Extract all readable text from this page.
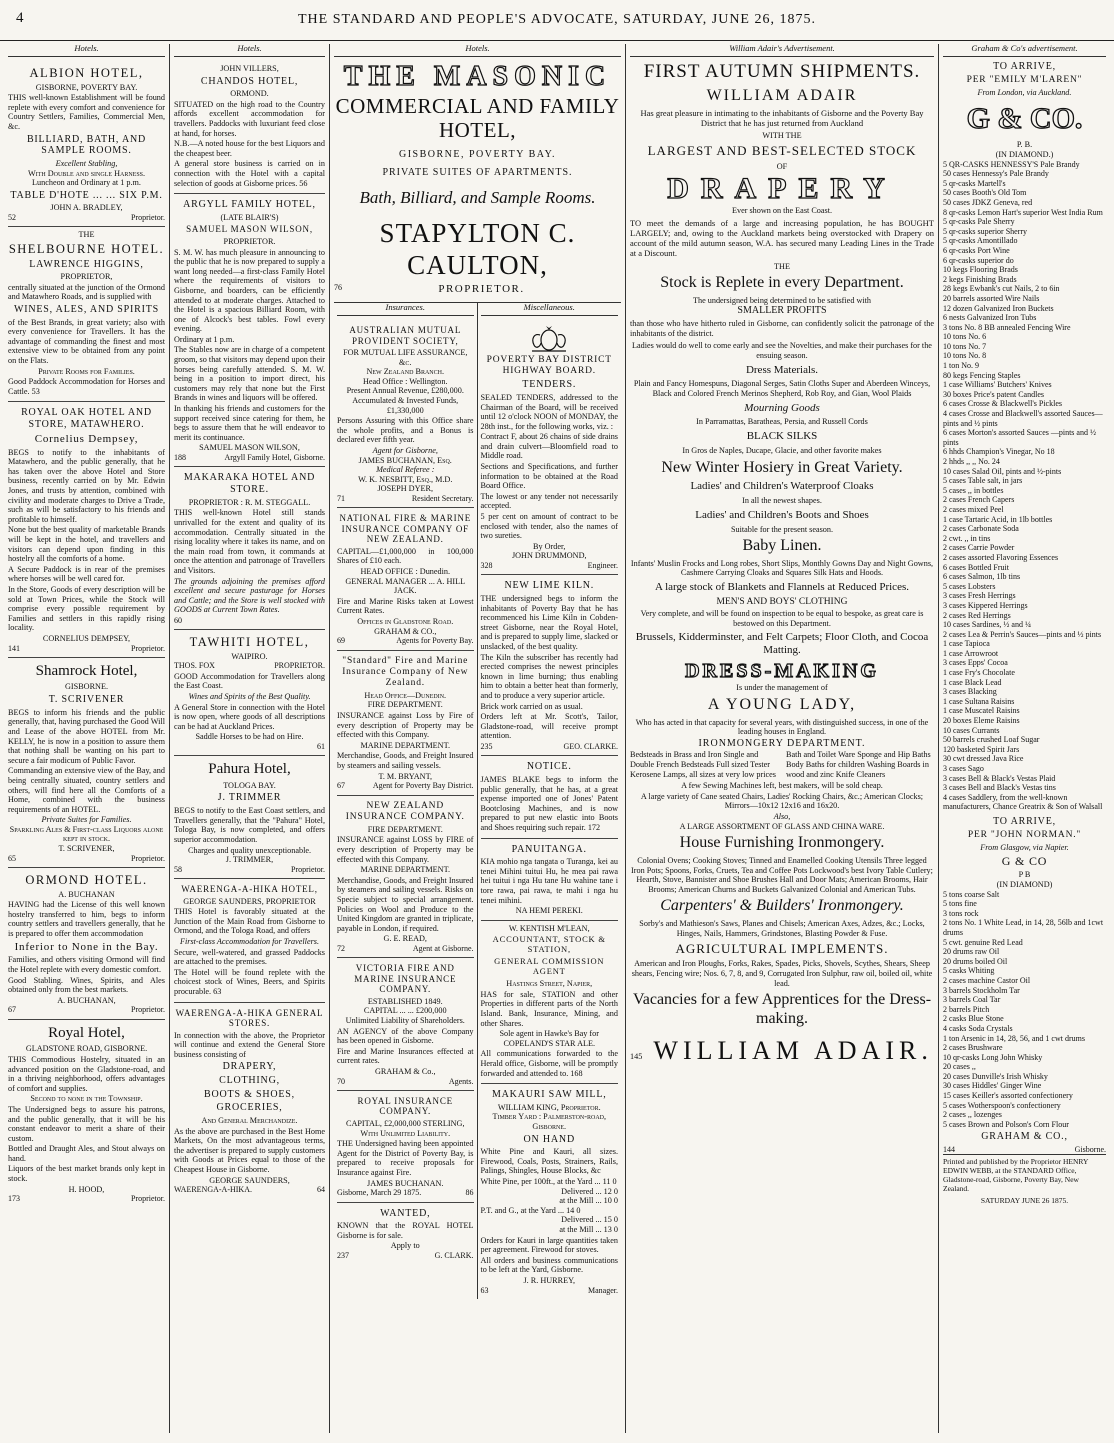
4	THE STANDARD AND PEOPLE'S ADVOCATE, SATURDAY, JUNE 26, 1875.
Hotels.
ALBION HOTEL,
GISBORNE, POVERTY BAY.

THIS well-known Establishment will be found replete with every comfort and convenience for Country Settlers, Families, Commercial Men, &c.

BILLIARD, BATH, AND SAMPLE ROOMS.
Excellent Stabling,
With Double and single Harness.
Luncheon and Ordinary at 1 p.m.
TABLE D'HOTE ... ... SIX P.M.
JOHN A. BRADLEY,
52	Proprietor.
THE
SHELBOURNE HOTEL.
LAWRENCE HIGGINS,
PROPRIETOR,

centrally situated at the junction of the Ormond and Matawhero Roads, and is supplied with

WINES, ALES, AND SPIRITS

of the Best Brands, in great variety; also with every convenience for Travellers. It has the advantage of commanding the finest and most extensive view to be obtained from any point on the Flats.

Private Rooms for Families.

Good Paddock Accommodation for Horses and Cattle. 53

ROYAL OAK HOTEL AND STORE, MATAWHERO.
Cornelius Dempsey,

BEGS to notify to the inhabitants of Matawhero, and the public generally, that he has taken over the above Hotel and Store business, recently carried on by Mr. Edwin Jones, and trusts by attention, combined with civility and moderate charges to Drive a Trade, such as will be satisfactory to his friends and profitable to himself.

None but the best quality of marketable Brands will be kept in the hotel, and travellers and visitors can depend upon finding in this hostelry all the comforts of a home.

A Secure Paddock is in rear of the premises where horses will be well cared for.

In the Store, Goods of every description will be sold at Town Prices, while the Stock will comprise every possible requirement by Families and settlers in this rapidly rising locality.

CORNELIUS DEMPSEY,
141	Proprietor.
Shamrock Hotel,
GISBORNE.
T. SCRIVENER

BEGS to inform his friends and the public generally, that, having purchased the Good Will and Lease of the above HOTEL from Mr. KELLY, he is now in a position to assure them that nothing shall be wanting on his part to secure a fair modicum of Public Favor.

Commanding an extensive view of the Bay, and being centrally situated, country settlers and others, will find here all the Comforts of a Home, combined with the business requirements of an HOTEL.

Private Suites for Families.
Sparkling Ales & First-class Liquors alone kept in stock.
T. SCRIVENER,
65	Proprietor.
ORMOND HOTEL.
A. BUCHANAN

HAVING had the License of this well known hostelry transferred to him, begs to inform country settlers and travellers generally, that he is prepared to offer them accommodation

Inferior to None in the Bay.

Families, and others visiting Ormond will find the Hotel replete with every domestic comfort.

Good Stabling. Wines, Spirits, and Ales obtained only from the best markets.

A. BUCHANAN,
67	Proprietor.
Royal Hotel,
GLADSTONE ROAD, GISBORNE.

THIS Commodious Hostelry, situated in an advanced position on the Gladstone-road, and in a thriving neighborhood, offers advantages of comfort and supplies.

Second to none in the Township.

The Undersigned begs to assure his patrons, and the public generally, that it will be his constant endeavor to merit a share of their custom.

Bottled and Draught Ales, and Stout always on hand.

Liquors of the best market brands only kept in stock.

H. HOOD,
173	Proprietor.
Hotels.
JOHN VILLERS,
CHANDOS HOTEL,
ORMOND.

SITUATED on the high road to the Country affords excellent accommodation for travellers. Paddocks with luxuriant feed close at hand, for horses.

N.B.—A noted house for the best Liquors and the cheapest beer.

A general store business is carried on in connection with the Hotel with a capital selection of goods at Gisborne prices. 56

ARGYLL FAMILY HOTEL,
(LATE BLAIR'S)
SAMUEL MASON WILSON,
PROPRIETOR.

S. M. W. has much pleasure in announcing to the public that he is now prepared to supply a want long needed—a first-class Family Hotel where the requirements of visitors to Gisborne, and boarders, can be efficiently attended to at moderate charges. Attached to the Hotel is a spacious Billiard Room, with one of Alcock's best tables. Fowl every evening.

Ordinary at 1 p.m.

The Stables now are in charge of a competent groom, so that visitors may depend upon their horses being carefully attended. S. M. W. being in a position to import direct, his customers may rely that none but the First Brands in wines and liquors will be offered.

In thanking his friends and customers for the support received since catering for them, he begs to assure them that he will endeavor to merit its continuance.

SAMUEL MASON WILSON,
188	Argyll Family Hotel, Gisborne.
MAKARAKA HOTEL AND STORE.
PROPRIETOR : R. M. STEGGALL.

THIS well-known Hotel still stands unrivalled for the extent and quality of its accommodation. Centrally situated in the rising locality where it takes its name, and on the main road from town, it commands at once the attention and patronage of Travellers and Visitors.

The grounds adjoining the premises afford excellent and secure pasturage for Horses and Cattle; and the Store is well stocked with GOODS at Current Town Rates.

60
TAWHITI HOTEL,
WAIPIRO.
THOS. FOX	PROPRIETOR.

GOOD Accommodation for Travellers along the East Coast.

Wines and Spirits of the Best Quality.

A General Store in connection with the Hotel is now open, where goods of all descriptions can be had at Auckland Prices.

Saddle Horses to be had on Hire.
61
Pahura Hotel,
TOLOGA BAY.
J. TRIMMER

BEGS to notify to the East Coast settlers, and Travellers generally, that the "Pahura" Hotel, Tologa Bay, is now completed, and offers superior accommodation.

Charges and quality unexceptionable.
J. TRIMMER,
58	Proprietor.
WAERENGA-A-HIKA HOTEL,
GEORGE SAUNDERS, PROPRIETOR

THIS Hotel is favorably situated at the Junction of the Main Road from Gisborne to Ormond, and the Tologa Road, and offers

First-class Accommodation for Travellers.

Secure, well-watered, and grassed Paddocks are attached to the premises.

The Hotel will be found replete with the choicest stock of Wines, Beers, and Spirits procurable. 63

WAERENGA-A-HIKA GENERAL STORES.

In connection with the above, the Proprietor will continue and extend the General Store business consisting of

DRAPERY,
CLOTHING,
BOOTS & SHOES,
GROCERIES,
And General Merchandize.

As the above are purchased in the Best Home Markets, On the most advantageous terms, the advertiser is prepared to supply customers with Goods at Prices equal to those of the Cheapest House in Gisborne.

GEORGE SAUNDERS,
WAERENGA-A-HIKA.	64
Hotels.
THE MASONIC
COMMERCIAL AND FAMILY HOTEL,
GISBORNE, POVERTY BAY.
PRIVATE SUITES OF APARTMENTS.
Bath, Billiard, and Sample Rooms.
STAPYLTON C. CAULTON,
76	PROPRIETOR.
Insurances.
AUSTRALIAN MUTUAL PROVIDENT SOCIETY,
FOR MUTUAL LIFE ASSURANCE, &c.
New Zealand Branch.
Head Office : Wellington.
Present Annual Revenue, £280,000.
Accumulated & Invested Funds, £1,330,000

Persons Assuring with this Office share the whole profits, and a Bonus is declared ever fifth year.

Agent for Gisborne,
JAMES BUCHANAN, Esq.
Medical Referee :
W. K. NESBITT, Esq., M.D.
JOSEPH DYER,
71	Resident Secretary.
NATIONAL FIRE & MARINE INSURANCE COMPANY OF NEW ZEALAND.

CAPITAL—£1,000,000 in 100,000 Shares of £10 each.

HEAD OFFICE : Dunedin.
GENERAL MANAGER ... A. HILL JACK.

Fire and Marine Risks taken at Lowest Current Rates.

Offices in Gladstone Road.
GRAHAM & CO.,
69	Agents for Poverty Bay.
"Standard" Fire and Marine Insurance Company of New Zealand.
Head Office—Dunedin.
FIRE DEPARTMENT.

INSURANCE against Loss by Fire of every description of Property may be effected with this Company.

MARINE DEPARTMENT.

Merchandise, Goods, and Freight Insured by steamers and sailing vessels.

T. M. BRYANT,
67	Agent for Poverty Bay District.
NEW ZEALAND INSURANCE COMPANY.
FIRE DEPARTMENT.

INSURANCE against LOSS by FIRE of every description of Property may be effected with this Company.

MARINE DEPARTMENT.

Merchandise, Goods, and Freight Insured by steamers and sailing vessels. Risks on Specie subject to special arrangement. Policies on Wool and Produce to the United Kingdom are granted in triplicate, payable in London, if required.

G. E. READ,
72	Agent at Gisborne.
VICTORIA FIRE AND MARINE INSURANCE COMPANY.
ESTABLISHED 1849.
CAPITAL ... ... £200,000
Unlimited Liability of Shareholders.

AN AGENCY of the above Company has been opened in Gisborne.

Fire and Marine Insurances effected at current rates.

GRAHAM & Co.,
70	Agents.
ROYAL INSURANCE COMPANY.
CAPITAL, £2,000,000 STERLING,
With Unlimited Liability.

THE Undersigned having been appointed Agent for the District of Poverty Bay, is prepared to receive proposals for Insurance against Fire.

JAMES BUCHANAN.
Gisborne, March 29 1875.	86
WANTED,

KNOWN that the ROYAL HOTEL Gisborne is for sale.

Apply to
237	G. CLARK.
Miscellaneous.
POVERTY BAY DISTRICT HIGHWAY BOARD.
TENDERS.

SEALED TENDERS, addressed to the Chairman of the Board, will be received until 12 o'clock NOON of MONDAY, the 28th inst., for the following works, viz. :

Contract F, about 26 chains of side drains and drain culvert—Bloomfield road to Middle road.

Sections and Specifications, and further information to be obtained at the Road Board Office.

The lowest or any tender not necessarily accepted.

5 per cent on amount of contract to be enclosed with tender, also the names of two sureties.

By Order,
JOHN DRUMMOND,
328	Engineer.
NEW LIME KILN.

THE undersigned begs to inform the inhabitants of Poverty Bay that he has recommenced his Lime Kiln in Cobden-street Gisborne, near the Royal Hotel, and is prepared to supply lime, slacked or unslacked, of the best quality.

The Kiln the subscriber has recently had erected comprises the newest principles known in lime burning; thus enabling him to obtain a better heat than formerly, and to produce a very superior article.

Brick work carried on as usual.

Orders left at Mr. Scott's, Tailor, Gladstone-road, will receive prompt attention.

235	GEO. CLARKE.
NOTICE.

JAMES BLAKE begs to inform the public generally, that he has, at a great expense imported one of Jones' Patent Bootclosing Machines, and is now prepared to put new elastic into Boots and Shoes requiring such repair. 172

PANUITANGA.

KIA mohio nga tangata o Turanga, kei au tenei Mihini tuitui Hu, he mea pai rawa hei tuitui i nga Hu tane Hu wahine tane i tore rawa, pai rawa, te mahi i nga hu tenei mihini.

NA HEMI PEREKI.
W. KENTISH M'LEAN,
ACCOUNTANT, STOCK & STATION,
GENERAL COMMISSION AGENT
Hastings Street, Napier,

HAS for sale, STATION and other Properties in different parts of the North Island. Bank, Insurance, Mining, and other Shares.

Sole agent in Hawke's Bay for
COPELAND'S STAR ALE.

All communications forwarded to the Herald office, Gisborne, will be promptly forwarded and attended to. 168

MAKAURI SAW MILL,
WILLIAM KING, Proprietor.
Timber Yard : Palmerston-road, Gisborne.
ON HAND

White Pine and Kauri, all sizes. Firewood, Coals, Posts, Strainers, Rails, Palings, Shingles, House Blocks, &c

White Pine, per 100ft., at the Yard ... 11 0

Delivered ... 12 0

at the Mill ... 10 0

P.T. and G., at the Yard ... 14 0

Delivered ... 15 0

at the Mill ... 13 0

Orders for Kauri in large quantities taken per agreement. Firewood for stoves.

All orders and business communications to be left at the Yard, Gisborne.

J. R. HURREY,
63	Manager.
William Adair's Advertisement.
FIRST AUTUMN SHIPMENTS.
WILLIAM ADAIR

Has great pleasure in intimating to the inhabitants of Gisborne and the Poverty Bay District that he has just returned from Auckland

WITH THE
LARGEST AND BEST-SELECTED STOCK
OF
DRAPERY
Ever shown on the East Coast.

TO meet the demands of a large and increasing population, he has BOUGHT LARGELY; and, owing to the Auckland markets being overstocked with Drapery on account of the mild autumn season, W.A. has secured many Leading Lines in the Trade at a Discount.

THE
Stock is Replete in every Department.
The undersigned being determined to be satisfied with
SMALLER PROFITS

than those who have hitherto ruled in Gisborne, can confidently solicit the patronage of the inhabitants of the district.

Ladies would do well to come early and see the Novelties, and make their purchases for the ensuing season.

Dress Materials.

Plain and Fancy Homespuns, Diagonal Serges, Satin Cloths Super and Aberdeen Winceys, Black and Colored French Merinos Shepherd, Rob Roy, and Gian, Wool Plaids

Mourning Goods

In Parramattas, Baratheas, Persia, and Russell Cords

BLACK SILKS

In Gros de Naples, Ducape, Glacie, and other favorite makes

New Winter Hosiery in Great Variety.
Ladies' and Children's Waterproof Cloaks

In all the newest shapes.

Ladies' and Children's Boots and Shoes

Suitable for the present season.

Baby Linen.

Infants' Muslin Frocks and Long robes, Short Slips, Monthly Gowns Day and Night Gowns, Cashmere Carrying Cloaks and Squares Silk Hats and Hoods.

A large stock of Blankets and Flannels at Reduced Prices.
MEN'S AND BOYS' CLOTHING

Very complete, and will be found on inspection to be equal to bespoke, as great care is bestowed on this Department.

Brussels, Kidderminster, and Felt Carpets; Floor Cloth, and Cocoa Matting.
DRESS-MAKING
Is under the management of
A YOUNG LADY,

Who has acted in that capacity for several years, with distinguished success, in one of the leading houses in England.

IRONMONGERY DEPARTMENT.

Bedsteads in Brass and Iron Single and Double French Bedsteads Full sized Tester Kerosene Lamps, all sizes at very low prices

Bath and Toilet Ware Sponge and Hip Baths Body Baths for children Washing Boards in wood and zinc Knife Cleaners

A few Sewing Machines left, best makers, will be sold cheap.

A large variety of Cane seated Chairs, Ladies' Rocking Chairs, &c.; American Clocks; Mirrors—10x12 12x16 and 16x20.

Also,
A LARGE ASSORTMENT OF GLASS AND CHINA WARE.
House Furnishing Ironmongery.

Colonial Ovens; Cooking Stoves; Tinned and Enamelled Cooking Utensils Three legged Iron Pots; Spoons, Forks, Cruets, Tea and Coffee Pots Lockwood's best Ivory Table Cutlery; Hearth, Stove, Bannister and Shoe Brushes Hall and Door Mats; American Brooms, Hair Brooms; American Churns and Buckets Galvanized Colonial and American Tubs.

Carpenters' & Builders' Ironmongery.

Sorby's and Mathieson's Saws, Planes and Chisels; American Axes, Adzes, &c.; Locks, Hinges, Nails, Hammers, Grindstones, Blasting Powder & Fuse.

AGRICULTURAL IMPLEMENTS.

American and Iron Ploughs, Forks, Rakes, Spades, Picks, Shovels, Scythes, Shears, Sheep shears, Fencing wire; Nos. 6, 7, 8, and 9, Corrugated Iron Sulphur, raw oil, boiled oil, white lead.

Vacancies for a few Apprentices for the Dress-making.
145 WILLIAM ADAIR.
Graham & Co's advertisement.
TO ARRIVE,
PER "EMILY M'LAREN"
From London, via Auckland.
G & CO.
P. B.
(IN DIAMOND.)

5 QR-CASKS HENNESSY'S Pale Brandy

50 cases Hennessy's Pale Brandy

5 qr-casks Martell's

50 cases Booth's Old Tom

50 cases JDKZ Geneva, red

8 qr-casks Lemon Hart's superior West India Rum

5 qr-casks Pale Sherry

5 qr-casks superior Sherry

5 qr-casks Amontillado

6 qr-casks Port Wine

6 qr-casks superior do

10 kegs Flooring Brads

2 kegs Finishing Brads

28 kegs Ewbank's cut Nails, 2 to 6in

20 barrels assorted Wire Nails

12 dozen Galvanized Iron Buckets

6 nests Galvanized Iron Tubs

3 tons No. 8 BB annealed Fencing Wire

10 tons No. 6

10 tons No. 7

10 tons No. 8

1 ton No. 9

80 kegs Fencing Staples

1 case Williams' Butchers' Knives

30 boxes Price's patent Candles

6 cases Crosse & Blackwell's Pickles

4 cases Crosse and Blackwell's assorted Sauces—pints and ½ pints

6 cases Morton's assorted Sauces —pints and ½ pints

6 hhds Champion's Vinegar, No 18

2 hhds ,, ,, No. 24

10 cases Salad Oil, pints and ½-pints

5 cases Table salt, in jars

5 cases ,, in bottles

2 cases French Capers

2 cases mixed Peel

1 case Tartaric Acid, in 1lb bottles

2 cases Carbonate Soda

2 cwt. ,, in tins

2 cases Carrie Powder

2 cases assorted Flavoring Essences

6 cases Bottled Fruit

6 cases Salmon, 1lb tins

5 cases Lobsters

3 cases Fresh Herrings

3 cases Kippered Herrings

2 cases Red Herrings

10 cases Sardines, ½ and ¼

2 cases Lea & Perrin's Sauces—pints and ½ pints

1 case Tapioca

1 case Arrowroot

3 cases Epps' Cocoa

1 case Fry's Chocolate

1 case Black Lead

3 cases Blacking

1 case Sultana Raisins

1 case Muscatel Raisins

20 boxes Eleme Raisins

10 cases Currants

50 barrels crushed Loaf Sugar

120 basketed Spirit Jars

30 cwt dressed Java Rice

3 cases Sago

3 cases Bell & Black's Vestas Plaid

3 cases Bell and Black's Vestas tins

4 cases Saddlery, from the well-known manufacturers, Chance Greatrix & Son of Walsall

TO ARRIVE,
PER "JOHN NORMAN."
From Glasgow, via Napier.
G & CO
P B
(IN DIAMOND)

5 tons coarse Salt

5 tons fine

3 tons rock

2 tons No. 1 White Lead, in 14, 28, 56lb and 1cwt drums

5 cwt. genuine Red Lead

20 drums raw Oil

20 drums boiled Oil

5 casks Whiting

2 cases machine Castor Oil

3 barrels Stockholm Tar

3 barrels Coal Tar

2 barrels Pitch

2 casks Blue Stone

4 casks Soda Crystals

1 ton Arsenic in 14, 28, 56, and 1 cwt drums

2 cases Brushware

10 qr-casks Long John Whisky

20 cases ,,

20 cases Dunville's Irish Whisky

30 cases Hiddles' Ginger Wine

15 cases Keiller's assorted confectionery

5 cases Wotherspoon's confectionery

2 cases ,, lozenges

5 cases Brown and Polson's Corn Flour

GRAHAM & CO.,
144	Gisborne.

Printed and published by the Proprietor HENRY EDWIN WEBB, at the STANDARD Office, Gladstone-road, Gisborne, Poverty Bay, New Zealand.

SATURDAY JUNE 26 1875.
